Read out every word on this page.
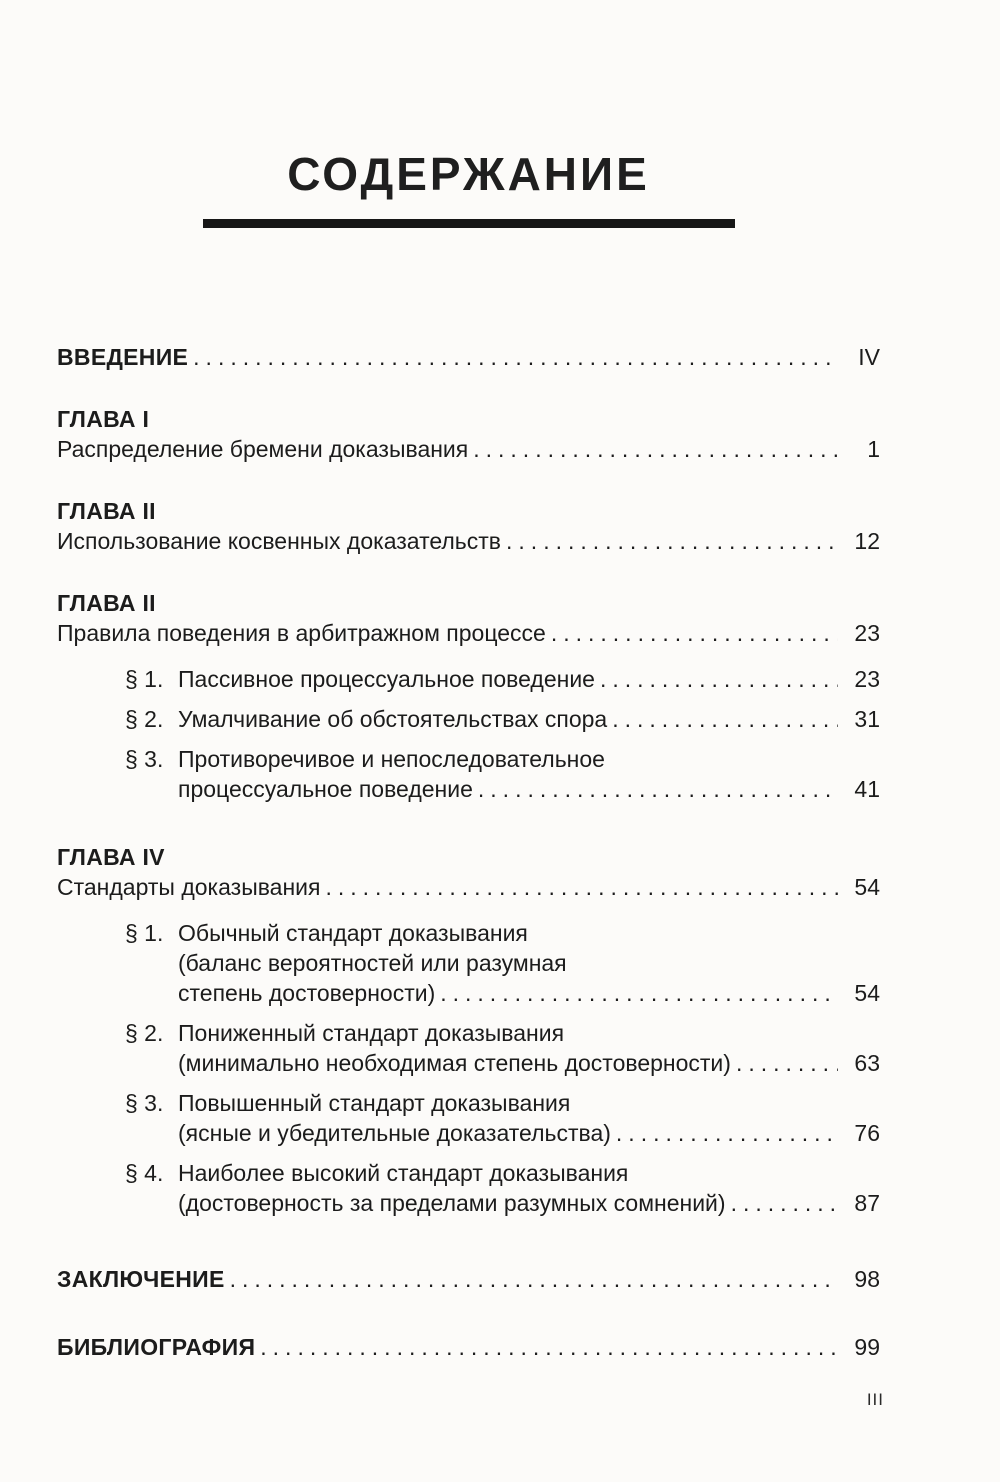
СОДЕРЖАНИЕ
ВВЕДЕНИЕ .....	IV
ГЛАВА I
Распределение бремени доказывания .....	1
ГЛАВА II
Использование косвенных доказательств .....	12
ГЛАВА II
Правила поведения в арбитражном процессе .....	23
§ 1. Пассивное процессуальное поведение .....	23
§ 2. Умалчивание об обстоятельствах спора .....	31
§ 3. Противоречивое и непоследовательное
процессуальное поведение .....	41
ГЛАВА IV
Стандарты доказывания .....	54
§ 1. Обычный стандарт доказывания
(баланс вероятностей или разумная
степень достоверности) .....	54
§ 2. Пониженный стандарт доказывания
(минимально необходимая степень достоверности) .....	63
§ 3. Повышенный стандарт доказывания
(ясные и убедительные доказательства) .....	76
§ 4. Наиболее высокий стандарт доказывания
(достоверность за пределами разумных сомнений) .....	87
ЗАКЛЮЧЕНИЕ .....	98
БИБЛИОГРАФИЯ .....	99
III
